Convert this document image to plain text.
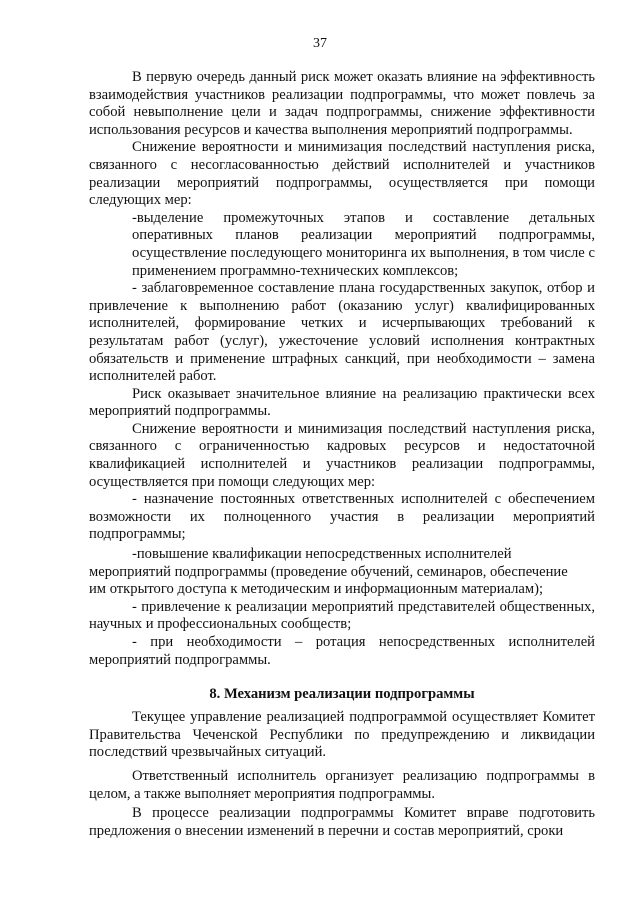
37

В первую очередь данный риск может оказать влияние на эффективность взаимодействия участников реализации подпрограммы, что может повлечь за собой невыполнение цели и задач подпрограммы, снижение эффективности использования ресурсов и качества выполнения мероприятий подпрограммы.

Снижение вероятности и минимизация последствий наступления риска, связанного с несогласованностью действий исполнителей и участников реализации мероприятий подпрограммы, осуществляется при помощи следующих мер:

-выделение промежуточных этапов и составление детальных оперативных планов реализации мероприятий подпрограммы, осуществление последующего мониторинга их выполнения, в том числе с применением программно-технических комплексов;

- заблаговременное составление плана государственных закупок, отбор и привлечение к выполнению работ (оказанию услуг) квалифицированных исполнителей, формирование четких и исчерпывающих требований к результатам работ (услуг), ужесточение условий исполнения контрактных обязательств и применение штрафных санкций, при необходимости – замена исполнителей работ.

Риск оказывает значительное влияние на реализацию практически всех мероприятий подпрограммы.

Снижение вероятности и минимизация последствий наступления риска, связанного с ограниченностью кадровых ресурсов и недостаточной квалификацией исполнителей и участников реализации подпрограммы, осуществляется при помощи следующих мер:

- назначение постоянных ответственных исполнителей с обеспечением возможности их полноценного участия в реализации мероприятий подпрограммы;

-повышение квалификации непосредственных исполнителей

мероприятий подпрограммы (проведение обучений, семинаров, обеспечение

им открытого доступа к методическим и информационным материалам);

- привлечение к реализации мероприятий представителей общественных, научных и профессиональных сообществ;

- при необходимости – ротация непосредственных исполнителей мероприятий подпрограммы.

8. Механизм реализации подпрограммы

Текущее управление реализацией подпрограммой осуществляет Комитет Правительства Чеченской Республики по предупреждению и ликвидации последствий чрезвычайных ситуаций.

Ответственный исполнитель организует реализацию подпрограммы в целом, а также выполняет мероприятия подпрограммы.

В процессе реализации подпрограммы Комитет вправе подготовить предложения о внесении изменений в перечни и состав мероприятий, сроки
